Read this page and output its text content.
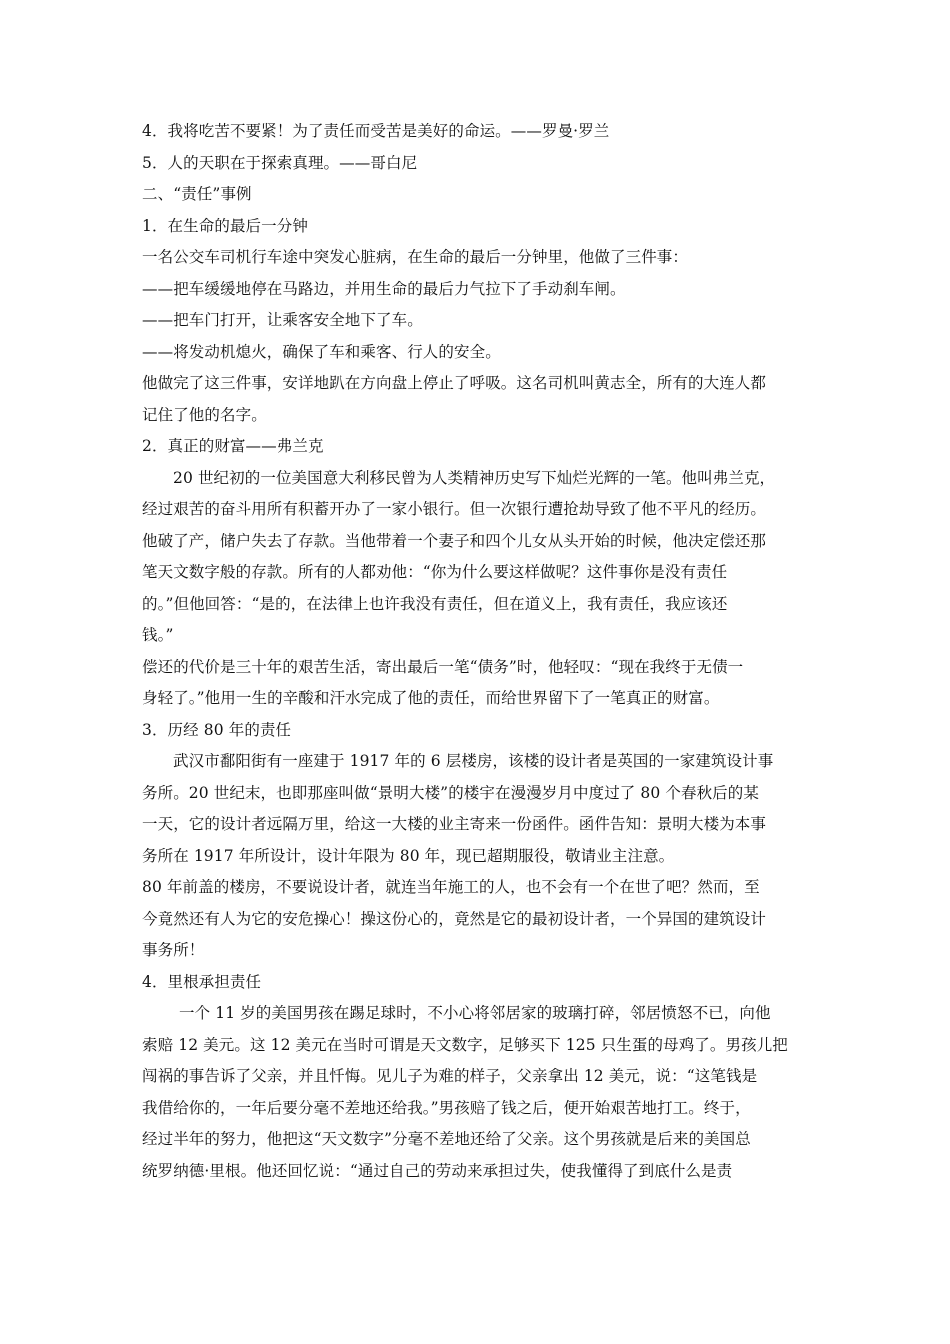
4．我将吃苦不要紧！为了责任而受苦是美好的命运。——罗曼·罗兰

5．人的天职在于探索真理。——哥白尼

二、“责任”事例

1．在生命的最后一分钟

一名公交车司机行车途中突发心脏病，在生命的最后一分钟里，他做了三件事：

——把车缓缓地停在马路边，并用生命的最后力气拉下了手动刹车闸。

——把车门打开，让乘客安全地下了车。

——将发动机熄火，确保了车和乘客、行人的安全。

他做完了这三件事，安详地趴在方向盘上停止了呼吸。这名司机叫黄志全，所有的大连人都

记住了他的名字。

2．真正的财富——弗兰克

20 世纪初的一位美国意大利移民曾为人类精神历史写下灿烂光辉的一笔。他叫弗兰克，

经过艰苦的奋斗用所有积蓄开办了一家小银行。但一次银行遭抢劫导致了他不平凡的经历。

他破了产，储户失去了存款。当他带着一个妻子和四个儿女从头开始的时候，他决定偿还那

笔天文数字般的存款。所有的人都劝他：“你为什么要这样做呢？这件事你是没有责任

的。”但他回答：“是的，在法律上也许我没有责任，但在道义上，我有责任，我应该还

钱。”

偿还的代价是三十年的艰苦生活，寄出最后一笔“债务”时，他轻叹：“现在我终于无债一

身轻了。”他用一生的辛酸和汗水完成了他的责任，而给世界留下了一笔真正的财富。

3．历经 80 年的责任

武汉市鄱阳街有一座建于 1917 年的 6 层楼房，该楼的设计者是英国的一家建筑设计事

务所。20 世纪末，也即那座叫做“景明大楼”的楼宇在漫漫岁月中度过了 80 个春秋后的某

一天，它的设计者远隔万里，给这一大楼的业主寄来一份函件。函件告知：景明大楼为本事

务所在 1917 年所设计，设计年限为 80 年，现已超期服役，敬请业主注意。

80 年前盖的楼房，不要说设计者，就连当年施工的人，也不会有一个在世了吧？然而，至

今竟然还有人为它的安危操心！操这份心的，竟然是它的最初设计者，一个异国的建筑设计

事务所！

4．里根承担责任

一个 11 岁的美国男孩在踢足球时，不小心将邻居家的玻璃打碎，邻居愤怒不已，向他

索赔 12 美元。这 12 美元在当时可谓是天文数字，足够买下 125 只生蛋的母鸡了。男孩儿把

闯祸的事告诉了父亲，并且忏悔。见儿子为难的样子，父亲拿出 12 美元，说：“这笔钱是

我借给你的，一年后要分毫不差地还给我。”男孩赔了钱之后，便开始艰苦地打工。终于，

经过半年的努力，他把这“天文数字”分毫不差地还给了父亲。这个男孩就是后来的美国总

统罗纳德·里根。他还回忆说：“通过自己的劳动来承担过失，使我懂得了到底什么是责
